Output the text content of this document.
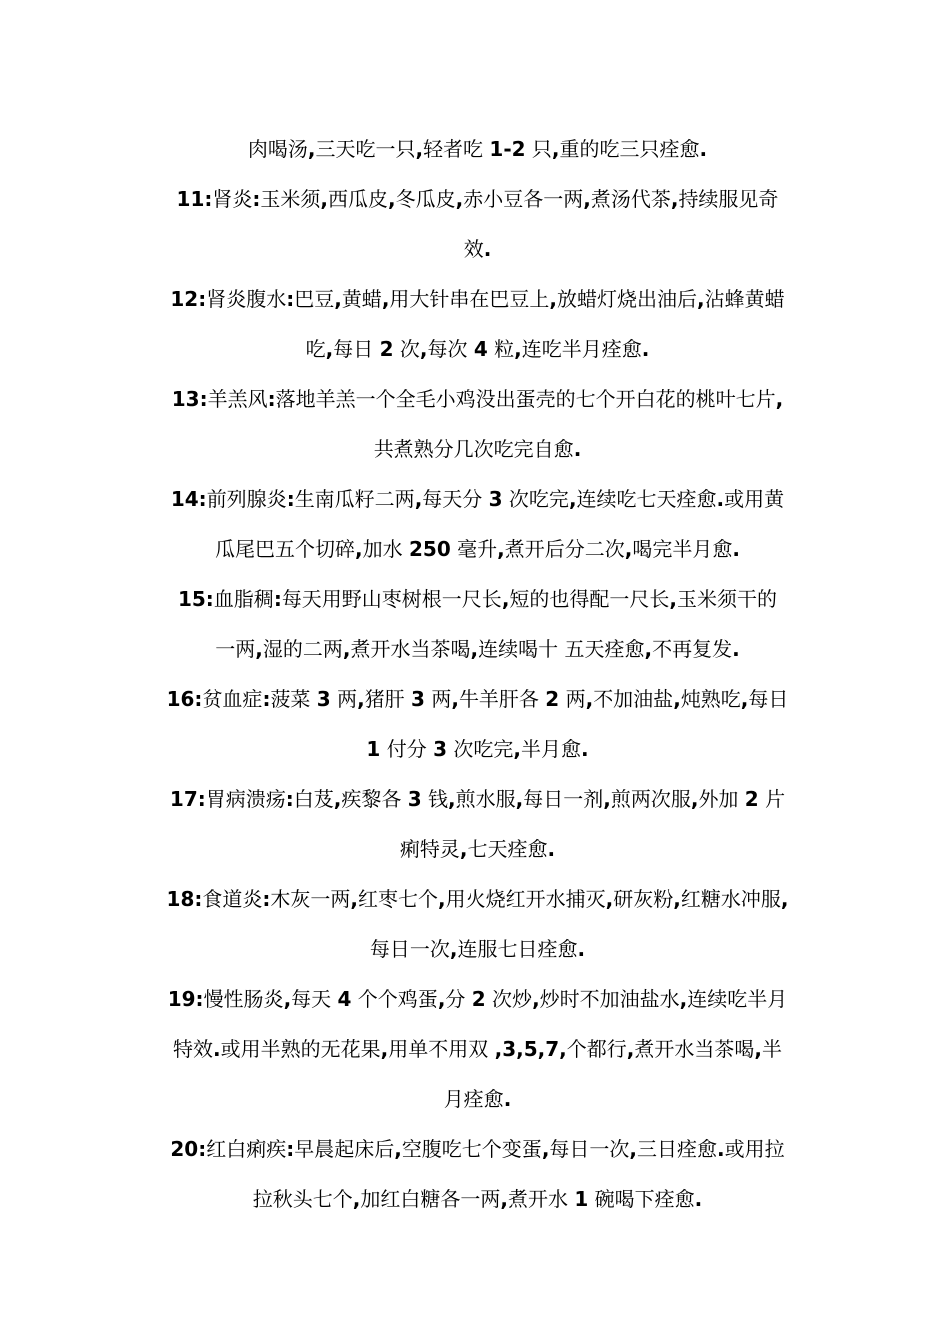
肉喝汤,三天吃一只,轻者吃 1-2 只,重的吃三只痊愈.
11:肾炎:玉米须,西瓜皮,冬瓜皮,赤小豆各一两,煮汤代茶,持续服见奇
效.
12:肾炎腹水:巴豆,黄蜡,用大针串在巴豆上,放蜡灯烧出油后,沾蜂黄蜡
吃,每日 2 次,每次 4 粒,连吃半月痊愈.
13:羊羔风:落地羊羔一个全毛小鸡没出蛋壳的七个开白花的桃叶七片,
共煮熟分几次吃完自愈.
14:前列腺炎:生南瓜籽二两,每天分 3 次吃完,连续吃七天痊愈.或用黄
瓜尾巴五个切碎,加水 250 毫升,煮开后分二次,喝完半月愈.
15:血脂稠:每天用野山枣树根一尺长,短的也得配一尺长,玉米须干的
一两,湿的二两,煮开水当茶喝,连续喝十 五天痊愈,不再复发.
16:贫血症:菠菜 3 两,猪肝 3 两,牛羊肝各 2 两,不加油盐,炖熟吃,每日
1 付分 3 次吃完,半月愈.
17:胃病溃疡:白芨,疾黎各 3 钱,煎水服,每日一剂,煎两次服,外加 2 片
痢特灵,七天痊愈.
18:食道炎:木灰一两,红枣七个,用火烧红开水捕灭,研灰粉,红糖水冲服,
每日一次,连服七日痊愈.
19:慢性肠炎,每天 4 个个鸡蛋,分 2 次炒,炒时不加油盐水,连续吃半月
特效.或用半熟的无花果,用单不用双 ,3,5,7,个都行,煮开水当茶喝,半
月痊愈.
20:红白痢疾:早晨起床后,空腹吃七个变蛋,每日一次,三日痊愈.或用拉
拉秋头七个,加红白糖各一两,煮开水 1 碗喝下痊愈.
